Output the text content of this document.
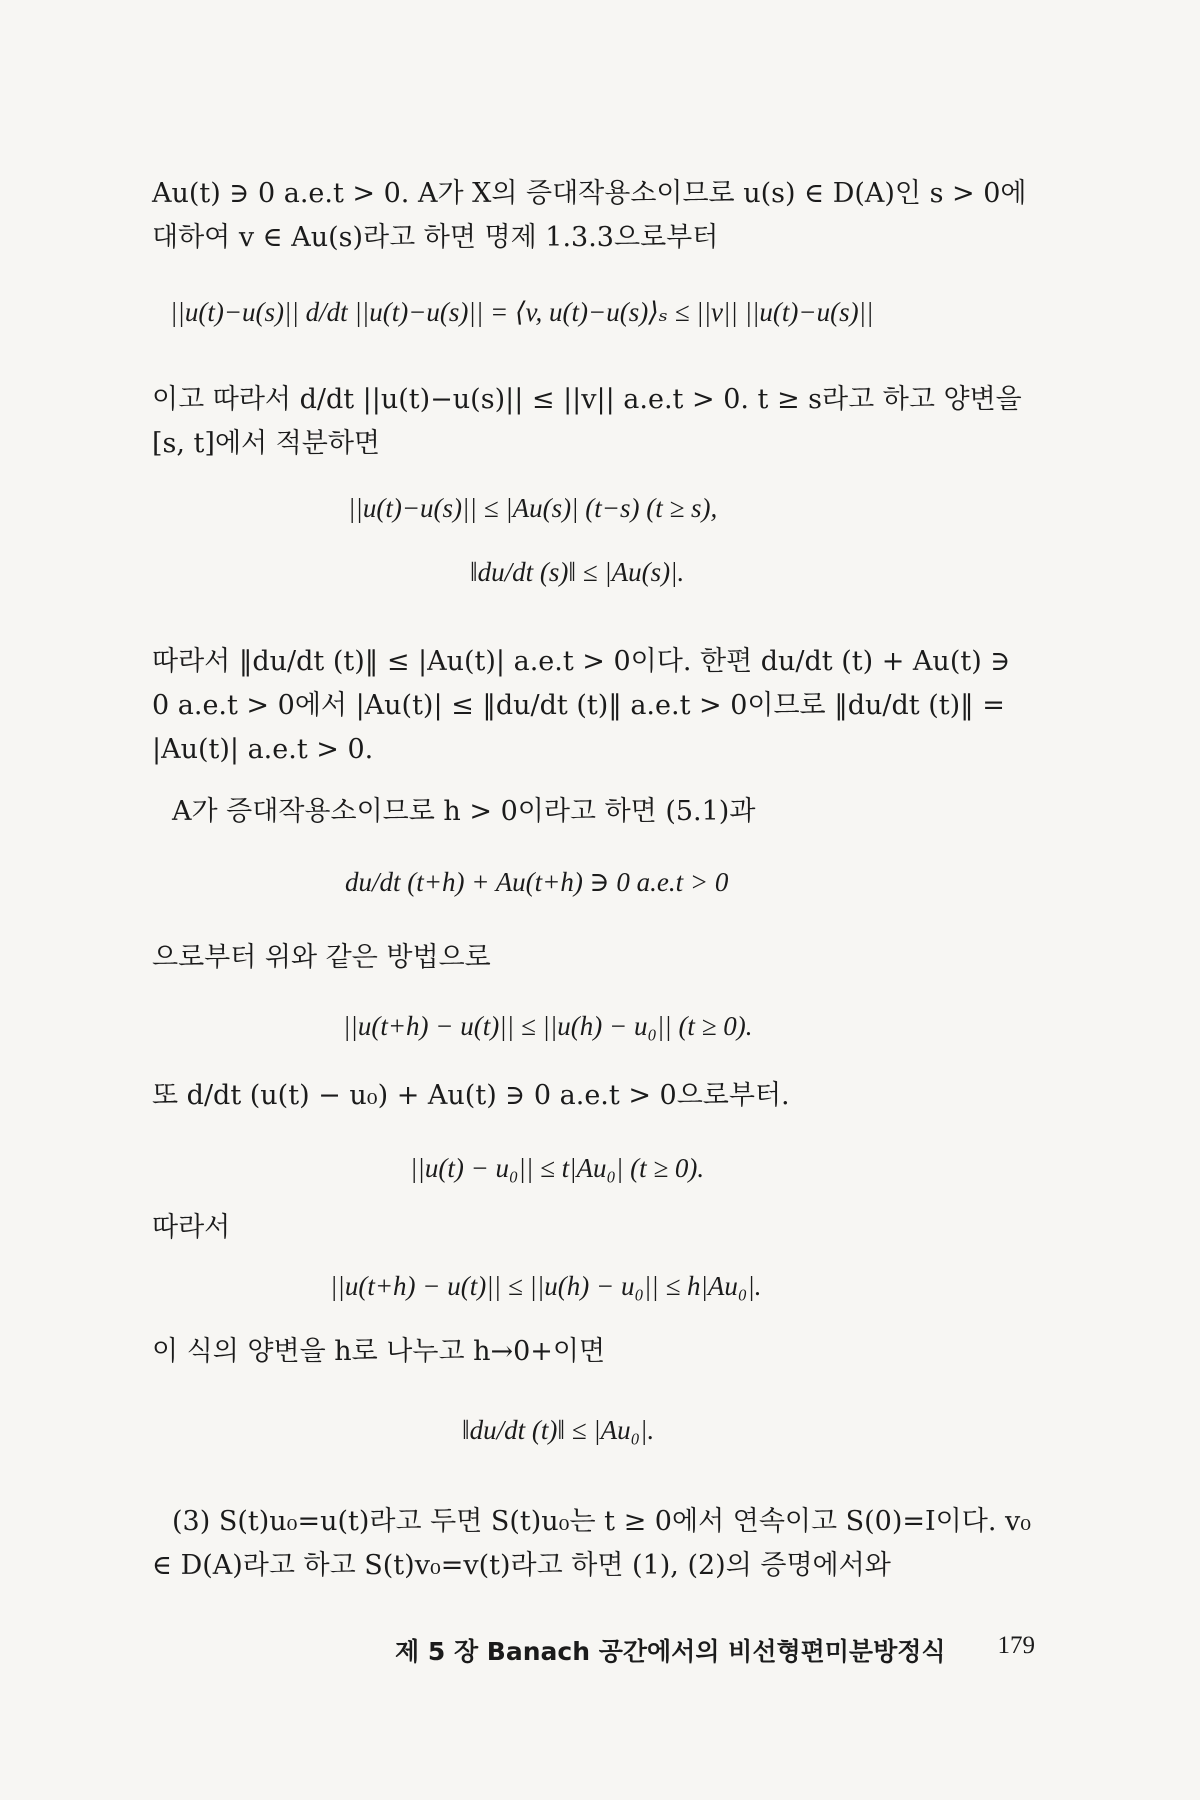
Au(t) ∋ 0 a.e.t > 0. A가 X의 증대작용소이므로 u(s) ∈ D(A)인 s > 0에 대하여 v ∈ Au(s)라고 하면 명제 1.3.3으로부터

||u(t)−u(s)|| d/dt ||u(t)−u(s)|| = ⟨v, u(t)−u(s)⟩ₛ ≤ ||v|| ||u(t)−u(s)||

이고 따라서 d/dt ||u(t)−u(s)|| ≤ ||v|| a.e.t > 0. t ≥ s라고 하고 양변을 [s, t]에서 적분하면

||u(t)−u(s)|| ≤ |Au(s)| (t−s) (t ≥ s),
‖du/dt (s)‖ ≤ |Au(s)|.

따라서 ‖du/dt (t)‖ ≤ |Au(t)| a.e.t > 0이다. 한편 du/dt (t) + Au(t) ∋ 0 a.e.t > 0에서 |Au(t)| ≤ ‖du/dt (t)‖ a.e.t > 0이므로 ‖du/dt (t)‖ = |Au(t)| a.e.t > 0.

A가 증대작용소이므로 h > 0이라고 하면 (5.1)과

du/dt (t+h) + Au(t+h) ∋ 0 a.e.t > 0

으로부터 위와 같은 방법으로

||u(t+h) − u(t)|| ≤ ||u(h) − u₀|| (t ≥ 0).

또 d/dt (u(t) − u₀) + Au(t) ∋ 0 a.e.t > 0으로부터.

||u(t) − u₀|| ≤ t|Au₀| (t ≥ 0).

따라서

||u(t+h) − u(t)|| ≤ ||u(h) − u₀|| ≤ h|Au₀|.

이 식의 양변을 h로 나누고 h→0+이면

‖du/dt (t)‖ ≤ |Au₀|.

(3) S(t)u₀=u(t)라고 두면 S(t)u₀는 t ≥ 0에서 연속이고 S(0)=I이다. v₀ ∈ D(A)라고 하고 S(t)v₀=v(t)라고 하면 (1), (2)의 증명에서와

제 5 장 Banach 공간에서의 비선형편미분방정식 179
